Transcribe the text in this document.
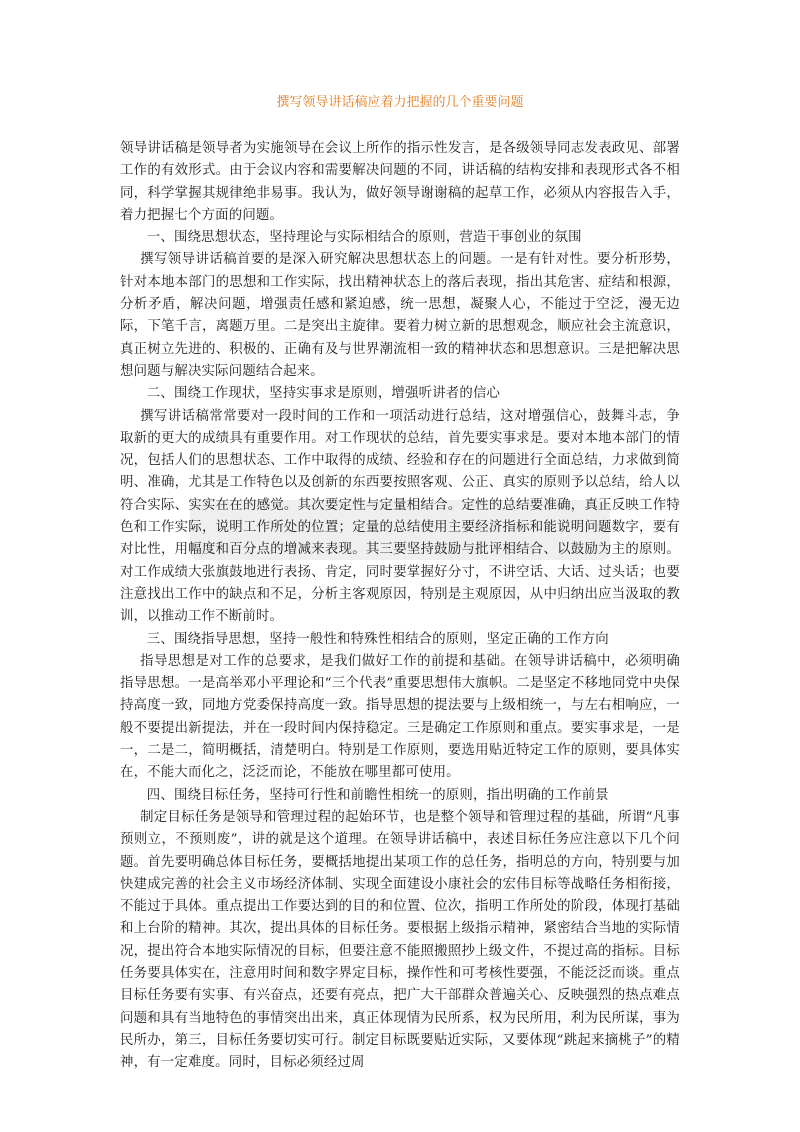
撰写领导讲话稿应着力把握的几个重要问题

领导讲话稿是领导者为实施领导在会议上所作的指示性发言，是各级领导同志发表政见、部署工作的有效形式。由于会议内容和需要解决问题的不同，讲话稿的结构安排和表现形式各不相同，科学掌握其规律绝非易事。我认为，做好领导谢谢稿的起草工作，必须从内容报告入手，着力把握七个方面的问题。

一、围绕思想状态，坚持理论与实际相结合的原则，营造干事创业的氛围

撰写领导讲话稿首要的是深入研究解决思想状态上的问题。一是有针对性。要分析形势，针对本地本部门的思想和工作实际，找出精神状态上的落后表现，指出其危害、症结和根源，分析矛盾，解决问题，增强责任感和紧迫感，统一思想，凝聚人心，不能过于空泛，漫无边际，下笔千言，离题万里。二是突出主旋律。要着力树立新的思想观念，顺应社会主流意识，真正树立先进的、积极的、正确有及与世界潮流相一致的精神状态和思想意识。三是把解决思想问题与解决实际问题结合起来。

二、围绕工作现状，坚持实事求是原则，增强听讲者的信心

撰写讲话稿常常要对一段时间的工作和一项活动进行总结，这对增强信心，鼓舞斗志，争取新的更大的成绩具有重要作用。对工作现状的总结，首先要实事求是。要对本地本部门的情况，包括人们的思想状态、工作中取得的成绩、经验和存在的问题进行全面总结，力求做到简明、准确，尤其是工作特色以及创新的东西要按照客观、公正、真实的原则予以总结，给人以符合实际、实实在在的感觉。其次要定性与定量相结合。定性的总结要准确，真正反映工作特色和工作实际，说明工作所处的位置；定量的总结使用主要经济指标和能说明问题数字，要有对比性，用幅度和百分点的增减来表现。其三要坚持鼓励与批评相结合、以鼓励为主的原则。对工作成绩大张旗鼓地进行表扬、肯定，同时要掌握好分寸，不讲空话、大话、过头话；也要注意找出工作中的缺点和不足，分析主客观原因，特别是主观原因，从中归纳出应当汲取的教训，以推动工作不断前时。

三、围绕指导思想，坚持一般性和特殊性相结合的原则，坚定正确的工作方向

指导思想是对工作的总要求，是我们做好工作的前提和基础。在领导讲话稿中，必须明确指导思想。一是高举邓小平理论和“三个代表”重要思想伟大旗帜。二是坚定不移地同党中央保持高度一致，同地方党委保持高度一致。指导思想的提法要与上级相统一，与左右相响应，一般不要提出新提法，并在一段时间内保持稳定。三是确定工作原则和重点。要实事求是，一是一，二是二，简明概括，清楚明白。特别是工作原则，要选用贴近特定工作的原则，要具体实在，不能大而化之，泛泛而论，不能放在哪里都可使用。

四、围绕目标任务，坚持可行性和前瞻性相统一的原则，指出明确的工作前景

制定目标任务是领导和管理过程的起始环节，也是整个领导和管理过程的基础，所谓“凡事预则立，不预则废”，讲的就是这个道理。在领导讲话稿中，表述目标任务应注意以下几个问题。首先要明确总体目标任务，要概括地提出某项工作的总任务，指明总的方向，特别要与加快建成完善的社会主义市场经济体制、实现全面建设小康社会的宏伟目标等战略任务相衔接，不能过于具体。重点提出工作要达到的目的和位置、位次，指明工作所处的阶段，体现打基础和上台阶的精神。其次，提出具体的目标任务。要根据上级指示精神，紧密结合当地的实际情况，提出符合本地实际情况的目标，但要注意不能照搬照抄上级文件，不提过高的指标。目标任务要具体实在，注意用时间和数字界定目标，操作性和可考核性要强，不能泛泛而谈。重点目标任务要有实事、有兴奋点，还要有亮点，把广大干部群众普遍关心、反映强烈的热点难点问题和具有当地特色的事情突出出来，真正体现情为民所系，权为民所用，利为民所谋，事为民所办，第三，目标任务要切实可行。制定目标既要贴近实际，又要体现“跳起来摘桃子”的精神，有一定难度。同时，目标必须经过周
